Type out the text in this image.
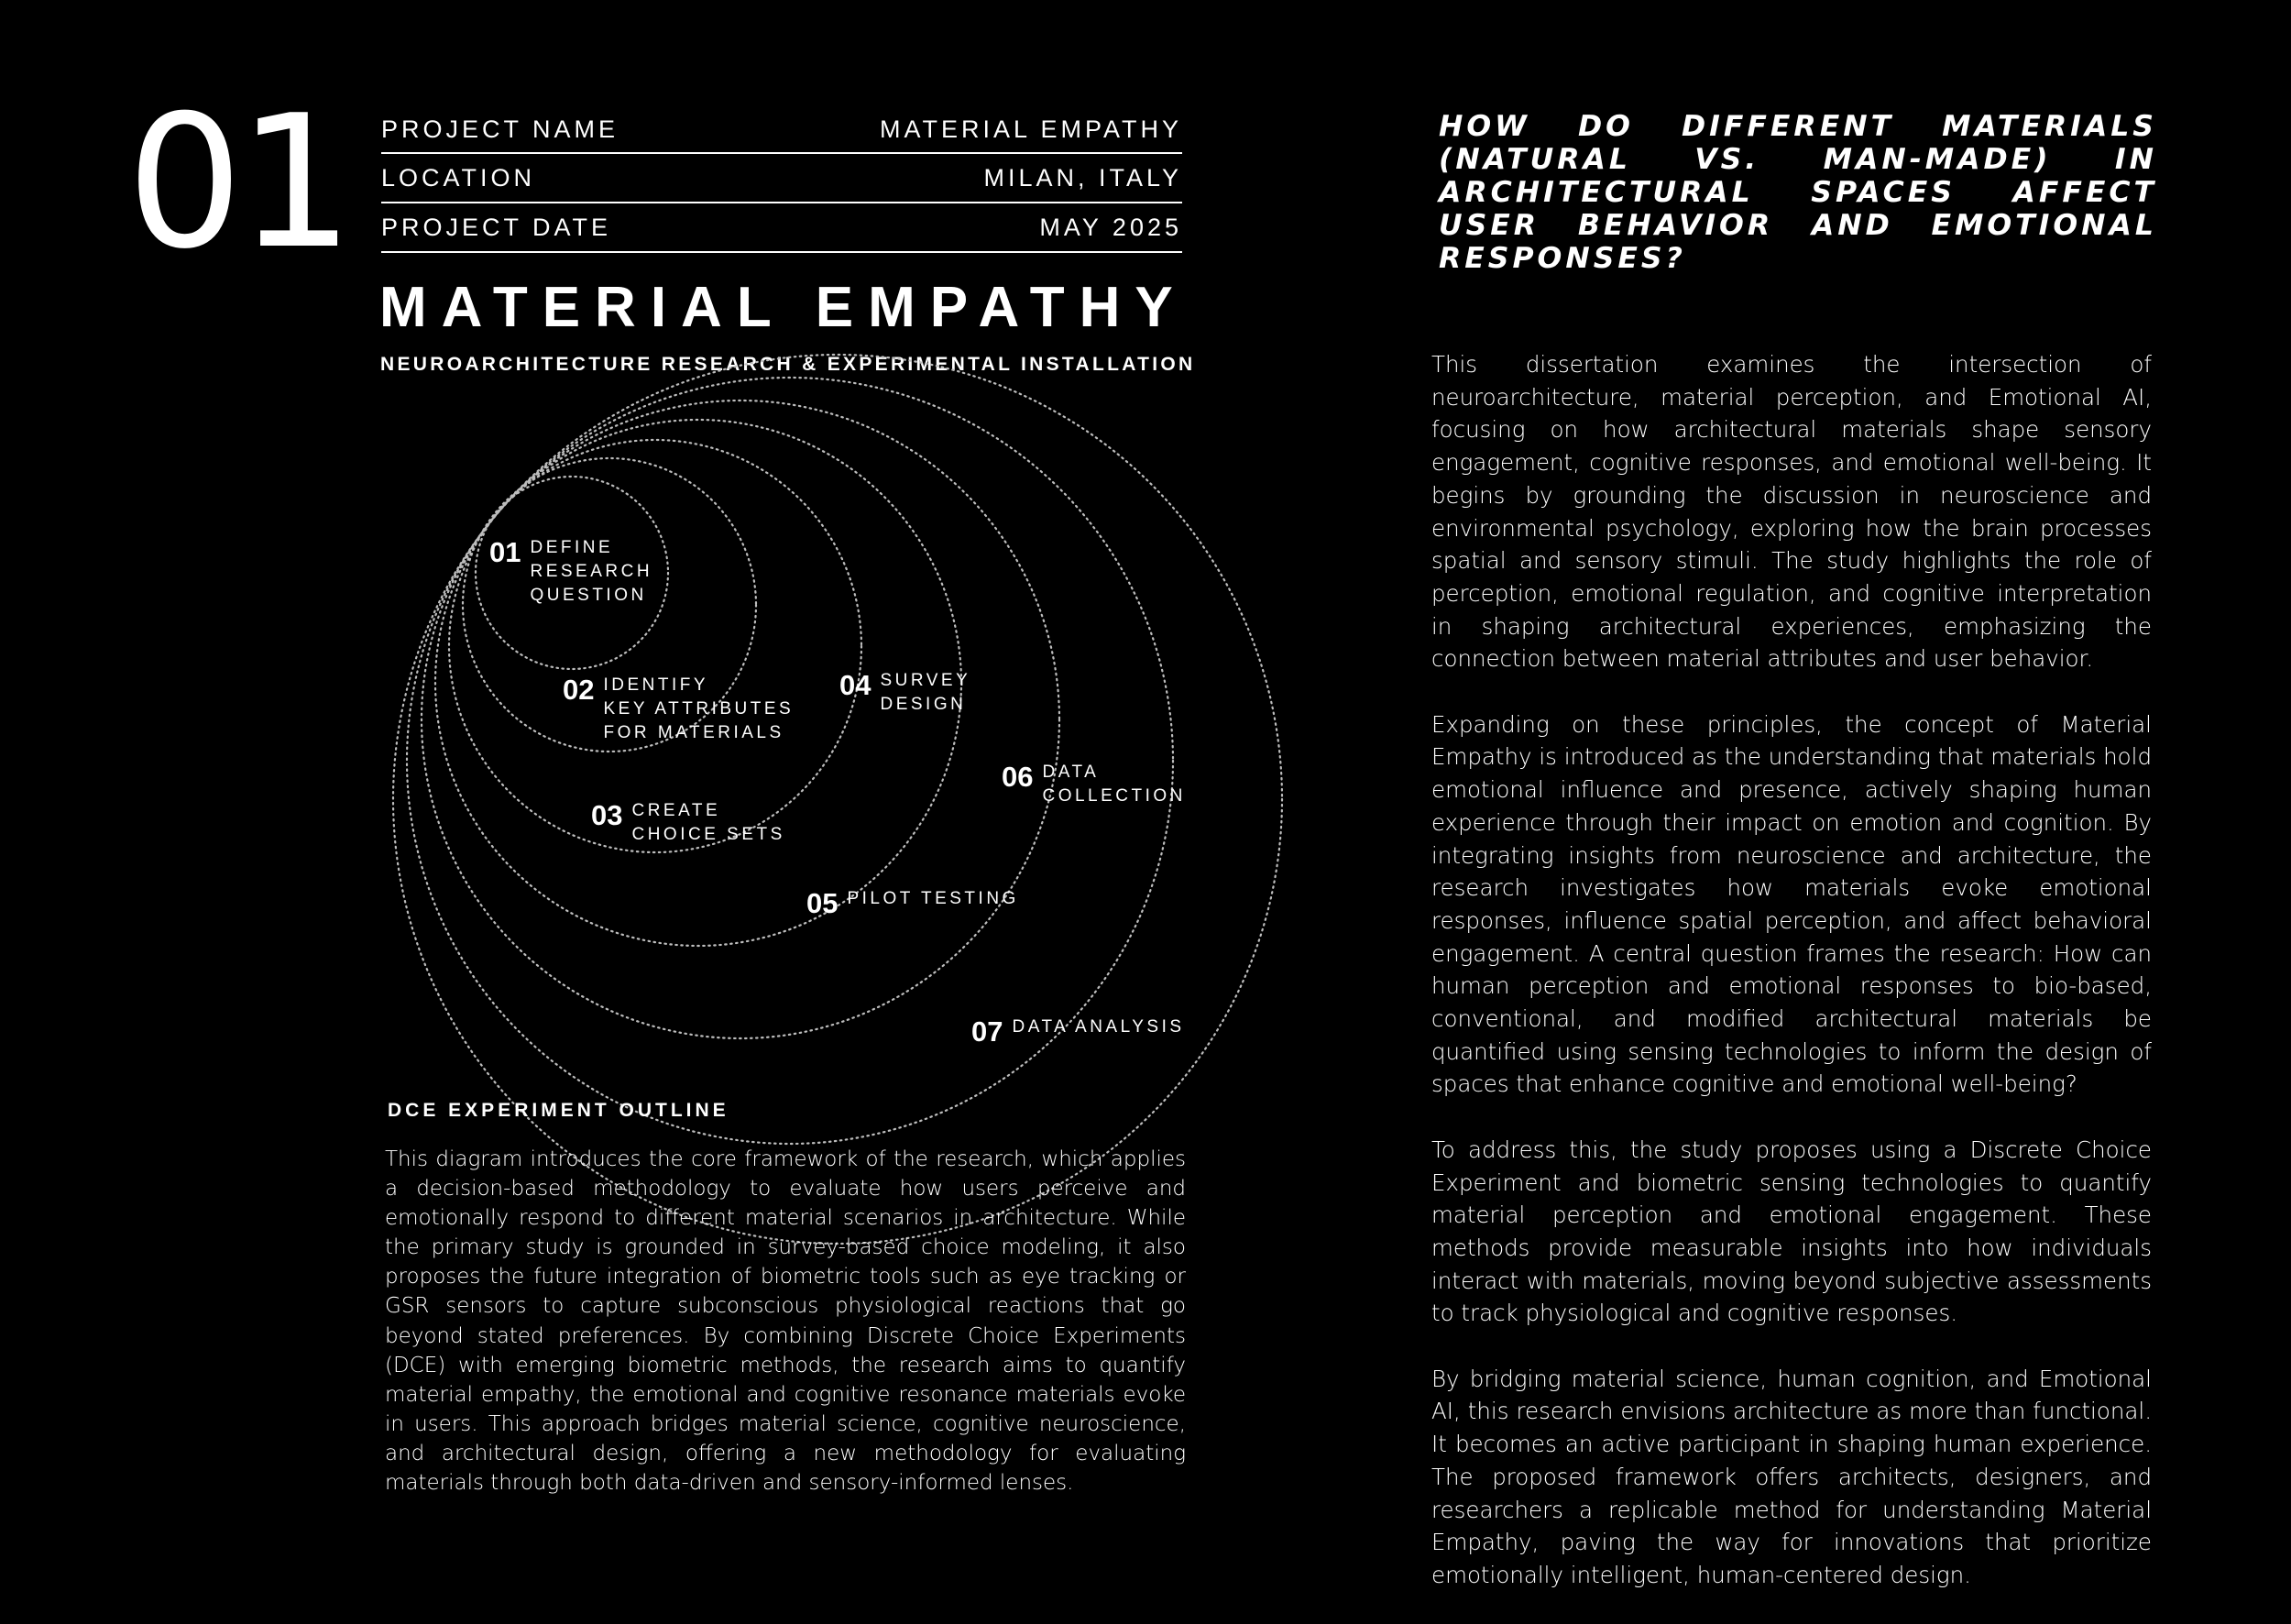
01 PROJECT NAME	MATERIAL EMPATHY
LOCATION	MILAN, ITALY
PROJECT DATE	MAY 2025
MATERIAL EMPATHY
NEUROARCHITECTURE RESEARCH & EXPERIMENTAL INSTALLATION
01 DEFINE
RESEARCH
QUESTION
02 IDENTIFY
KEY ATTRIBUTES
FOR MATERIALS
03 CREATE
CHOICE SETS
04 SURVEY
DESIGN
05 PILOT TESTING
06 DATA
COLLECTION
07 DATA ANALYSIS
DCE EXPERIMENT OUTLINE
This diagram introduces the core framework of the research, which applies a decision-based methodology to evaluate how users perceive and emotionally respond to different material scenarios in architecture. While the primary study is grounded in survey-based choice modeling, it also proposes the future integration of biometric tools such as eye tracking or GSR sensors to capture subconscious physiological reactions that go beyond stated preferences. By combining Discrete Choice Experiments (DCE) with emerging biometric methods, the research aims to quantify material empathy, the emotional and cognitive resonance materials evoke in users. This approach bridges material science, cognitive neuroscience, and architectural design, offering a new methodology for evaluating materials through both data-driven and sensory-informed lenses.
HOW DO DIFFERENT MATERIALS (NATURAL VS. MAN-MADE) IN ARCHITECTURAL SPACES AFFECT USER BEHAVIOR AND EMOTIONAL RESPONSES?

This dissertation examines the intersection of neuroarchitecture, material perception, and Emotional AI, focusing on how architectural materials shape sensory engagement, cognitive responses, and emotional well-being. It begins by grounding the discussion in neuroscience and environmental psychology, exploring how the brain processes spatial and sensory stimuli. The study highlights the role of perception, emotional regulation, and cognitive interpretation in shaping architectural experiences, emphasizing the connection between material attributes and user behavior.

Expanding on these principles, the concept of Material Empathy is introduced as the understanding that materials hold emotional influence and presence, actively shaping human experience through their impact on emotion and cognition. By integrating insights from neuroscience and architecture, the research investigates how materials evoke emotional responses, influence spatial perception, and affect behavioral engagement. A central question frames the research: How can human perception and emotional responses to bio-based, conventional, and modified architectural materials be quantified using sensing technologies to inform the design of spaces that enhance cognitive and emotional well-being?

To address this, the study proposes using a Discrete Choice Experiment and biometric sensing technologies to quantify material perception and emotional engagement. These methods provide measurable insights into how individuals interact with materials, moving beyond subjective assessments to track physiological and cognitive responses.

By bridging material science, human cognition, and Emotional AI, this research envisions architecture as more than functional. It becomes an active participant in shaping human experience. The proposed framework offers architects, designers, and researchers a replicable method for understanding Material Empathy, paving the way for innovations that prioritize emotionally intelligent, human-centered design.
